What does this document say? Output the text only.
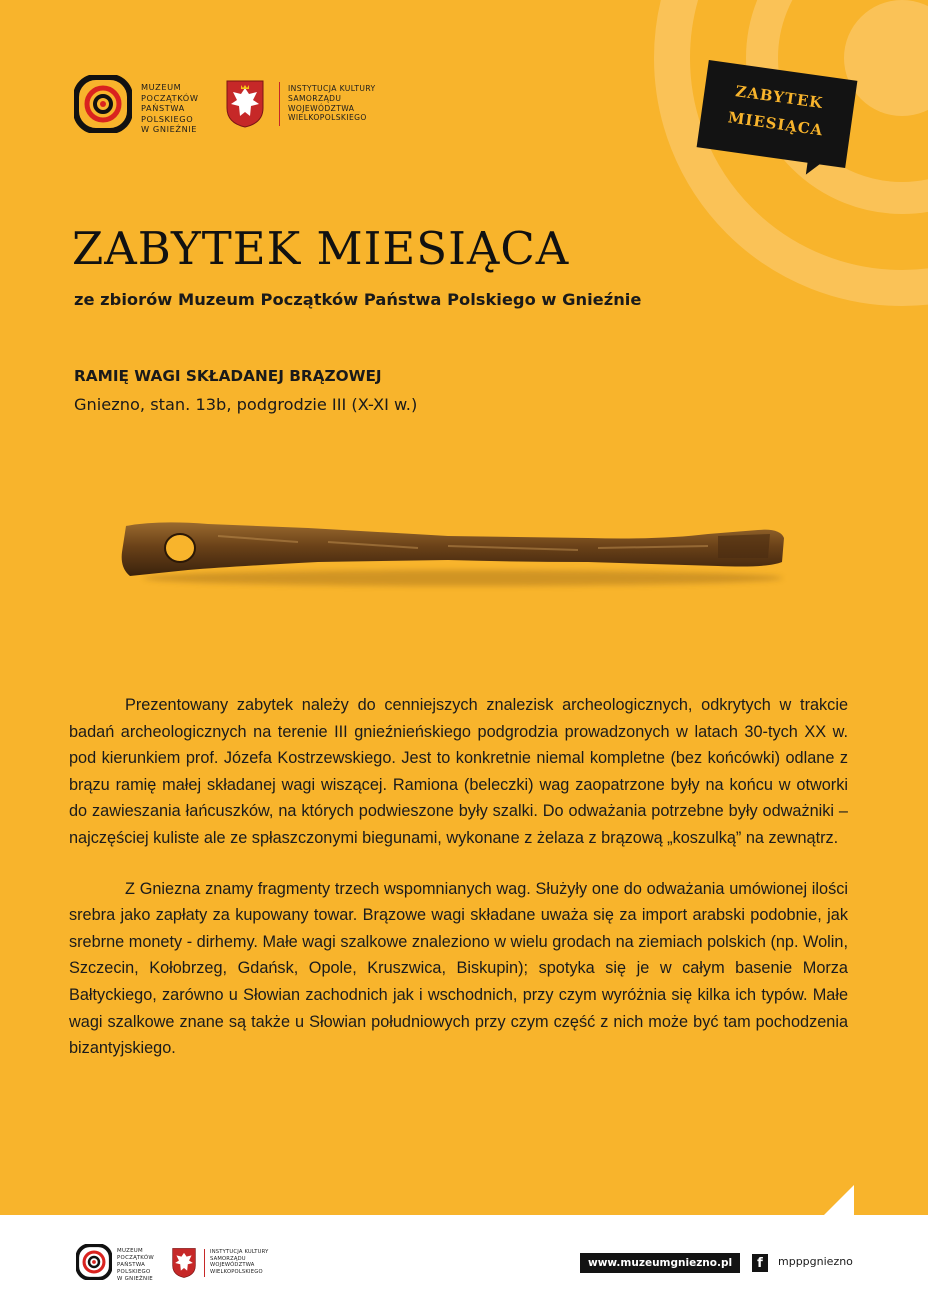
MUZEUM
POCZĄTKÓW
PAŃSTWA
POLSKIEGO
W GNIEŹNIE
INSTYTUCJA KULTURY
SAMORZĄDU
WOJEWÓDZTWA
WIELKOPOLSKIEGO
ZABYTEK
MIESIĄCA
ZABYTEK MIESIĄCA
ze zbiorów Muzeum Początków Państwa Polskiego w Gnieźnie
RAMIĘ WAGI SKŁADANEJ BRĄZOWEJ
Gniezno, stan. 13b, podgrodzie III (X-XI w.)

Prezentowany zabytek należy do cenniejszych znalezisk archeologicznych, odkrytych w trakcie badań archeologicznych na terenie III gnieźnieńskiego podgrodzia prowadzonych w latach 30-tych XX w. pod kierunkiem prof. Józefa Kostrzewskiego. Jest to konkretnie niemal kompletne (bez końcówki) odlane z brązu ramię małej składanej wagi wiszącej. Ramiona (beleczki) wag zaopatrzone były na końcu w otworki do zawieszania łańcuszków, na których podwieszone były szalki. Do odważania potrzebne były odważniki – najczęściej kuliste ale ze spłaszczonymi biegunami, wykonane z żelaza z brązową „koszulką” na zewnątrz.

Z Gniezna znamy fragmenty trzech wspomnianych wag. Służyły one do odważania umówionej ilości srebra jako zapłaty za kupowany towar. Brązowe wagi składane uważa się za import arabski podobnie, jak srebrne monety - dirhemy. Małe wagi szalkowe znaleziono w wielu grodach na ziemiach polskich (np. Wolin, Szczecin, Kołobrzeg, Gdańsk, Opole, Kruszwica, Biskupin); spotyka się je w całym basenie Morza Bałtyckiego, zarówno u Słowian zachodnich jak i wschodnich, przy czym wyróżnia się kilka ich typów. Małe wagi szalkowe znane są także u Słowian południowych przy czym część z nich może być tam pochodzenia bizantyjskiego.

MUZEUM
POCZĄTKÓW
PAŃSTWA
POLSKIEGO
W GNIEŹNIE
INSTYTUCJA KULTURY
SAMORZĄDU
WOJEWÓDZTWA
WIELKOPOLSKIEGO
www.muzeumgniezno.pl	f	mpppgniezno
